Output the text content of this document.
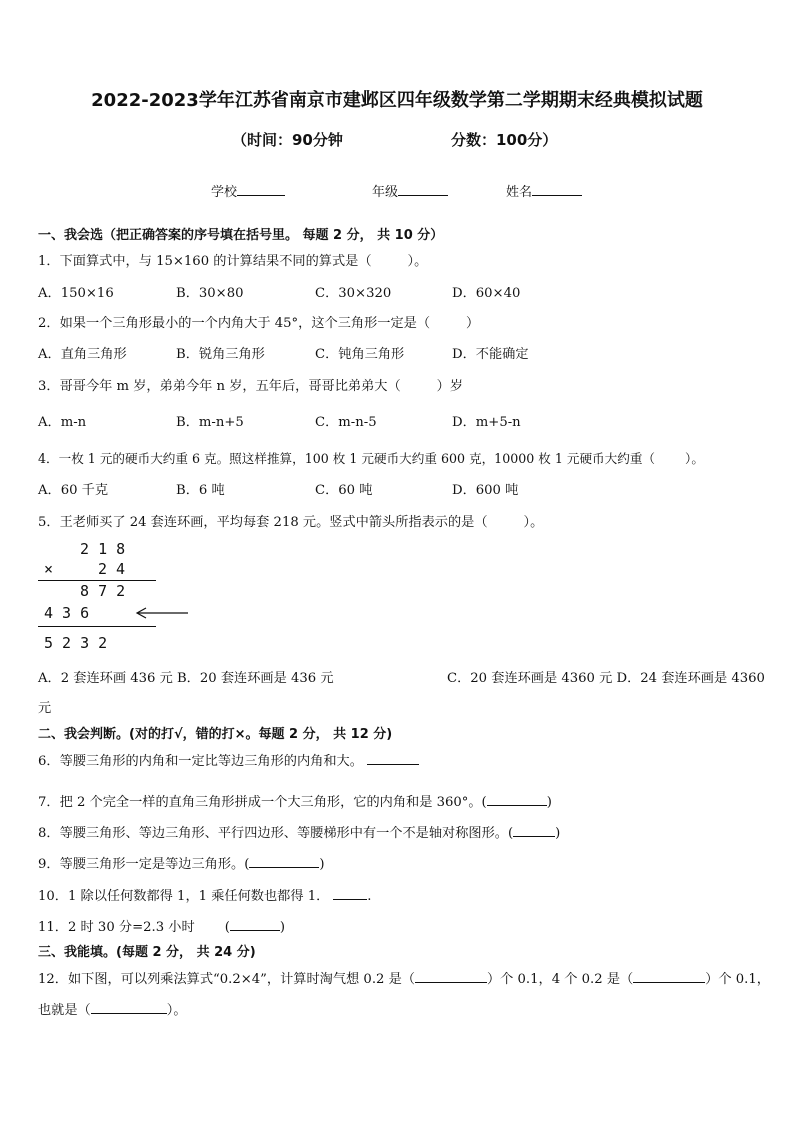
2022-2023学年江苏省南京市建邺区四年级数学第二学期期末经典模拟试题
（时间：90分钟	分数：100分）
学校	年级	姓名
一、我会选（把正确答案的序号填在括号里。 每题 2 分， 共 10 分）
1．下面算式中，与 15×160 的计算结果不同的算式是（	）。
A．150×16	B．30×80	C．30×320	D．60×40
2．如果一个三角形最小的一个内角大于 45°，这个三角形一定是（	）
A．直角三角形	B．锐角三角形	C．钝角三角形	D．不能确定
3．哥哥今年 m 岁，弟弟今年 n 岁，五年后，哥哥比弟弟大（	）岁
A．m-n	B．m-n+5	C．m-n-5	D．m+5-n
4．一枚 1 元的硬币大约重 6 克。照这样推算，100 枚 1 元硬币大约重 600 克，10000 枚 1 元硬币大约重（ ）。
A．60 千克	B．6 吨	C．60 吨	D．600 吨
5．王老师买了 24 套连环画，平均每套 218 元。竖式中箭头所指表示的是（	）。
2 1 8
×	2 4
8 7 2
4 3 6
5 2 3 2
A．2 套连环画 436 元 B．20 套连环画是 436 元	C．20 套连环画是 4360 元 D．24 套连环画是 4360
元
二、我会判断。(对的打√，错的打×。每题 2 分， 共 12 分)
6．等腰三角形的内角和一定比等边三角形的内角和大。
7．把 2 个完全一样的直角三角形拼成一个大三角形，它的内角和是 360°。(	)
8．等腰三角形、等边三角形、平行四边形、等腰梯形中有一个不是轴对称图形。(	)
9．等腰三角形一定是等边三角形。(	)
10．1 除以任何数都得 1，1 乘任何数也都得 1．	.
11．2 时 30 分=2.3 小时 (	)
三、我能填。(每题 2 分， 共 24 分)
12．如下图，可以列乘法算式“0.2×4”，计算时淘气想 0.2 是（	）个 0.1，4 个 0.2 是（	）个 0.1，
也就是（	）。
